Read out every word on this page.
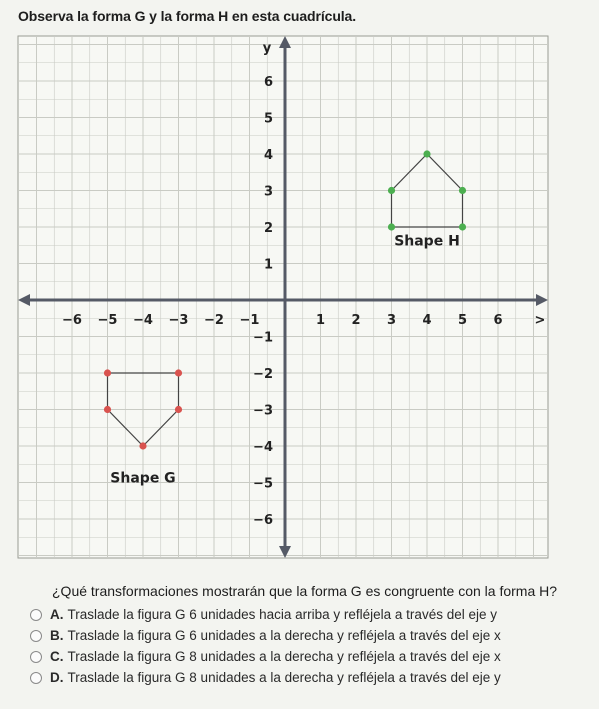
Observa la forma G y la forma H en esta cuadrícula.
−6 −5 −4 −3 −2 −1	1 2 3 4 5 6
6
5
4
3
2
1
−1
−2
−3
−4
−5
−6
y
>
Shape G
Shape H
¿Qué transformaciones mostrarán que la forma G es congruente con la forma H?
A. Traslade la figura G 6 unidades hacia arriba y refléjela a través del eje y
B. Traslade la figura G 6 unidades a la derecha y refléjela a través del eje x
C. Traslade la figura G 8 unidades a la derecha y refléjela a través del eje x
D. Traslade la figura G 8 unidades a la derecha y refléjela a través del eje y
